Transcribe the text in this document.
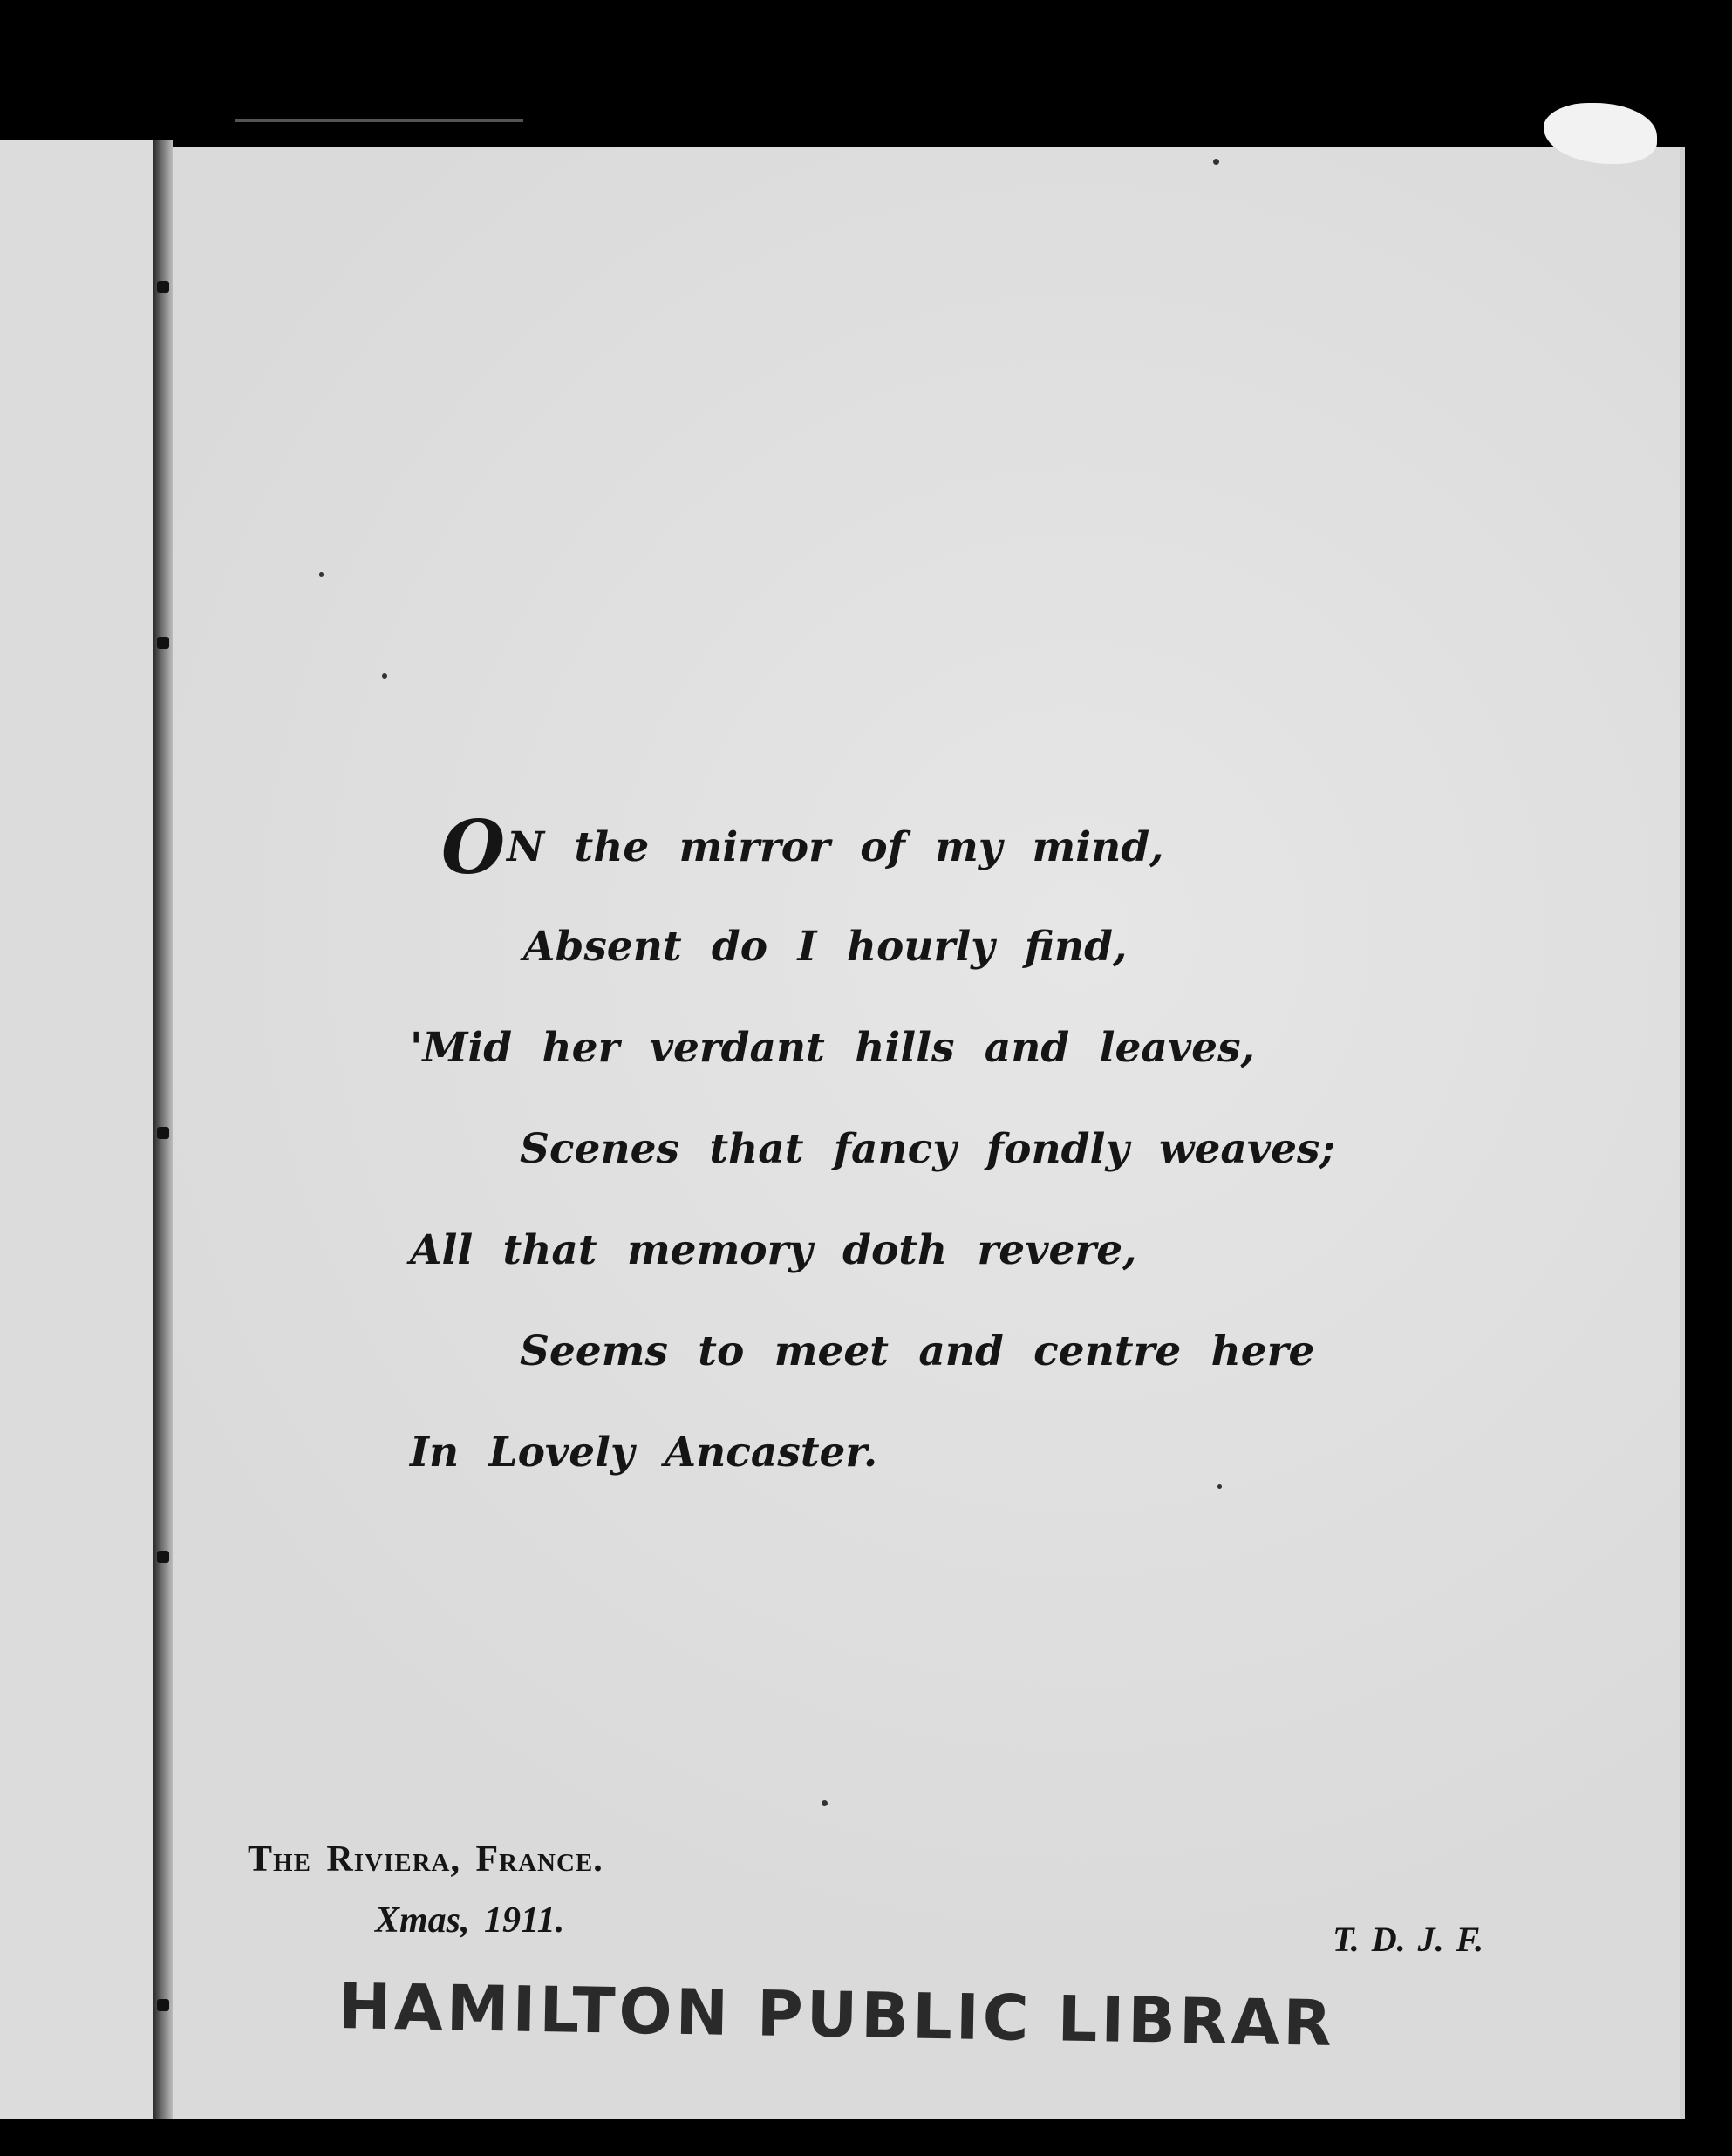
ON the mirror of my mind,
Absent do I hourly find,
'Mid her verdant hills and leaves,
Scenes that fancy fondly weaves;
All that memory doth revere,
Seems to meet and centre here
In Lovely Ancaster.
The Riviera, France.
Xmas, 1911.	T. D. J. F.
HAMILTON PUBLIC LIBRAR
